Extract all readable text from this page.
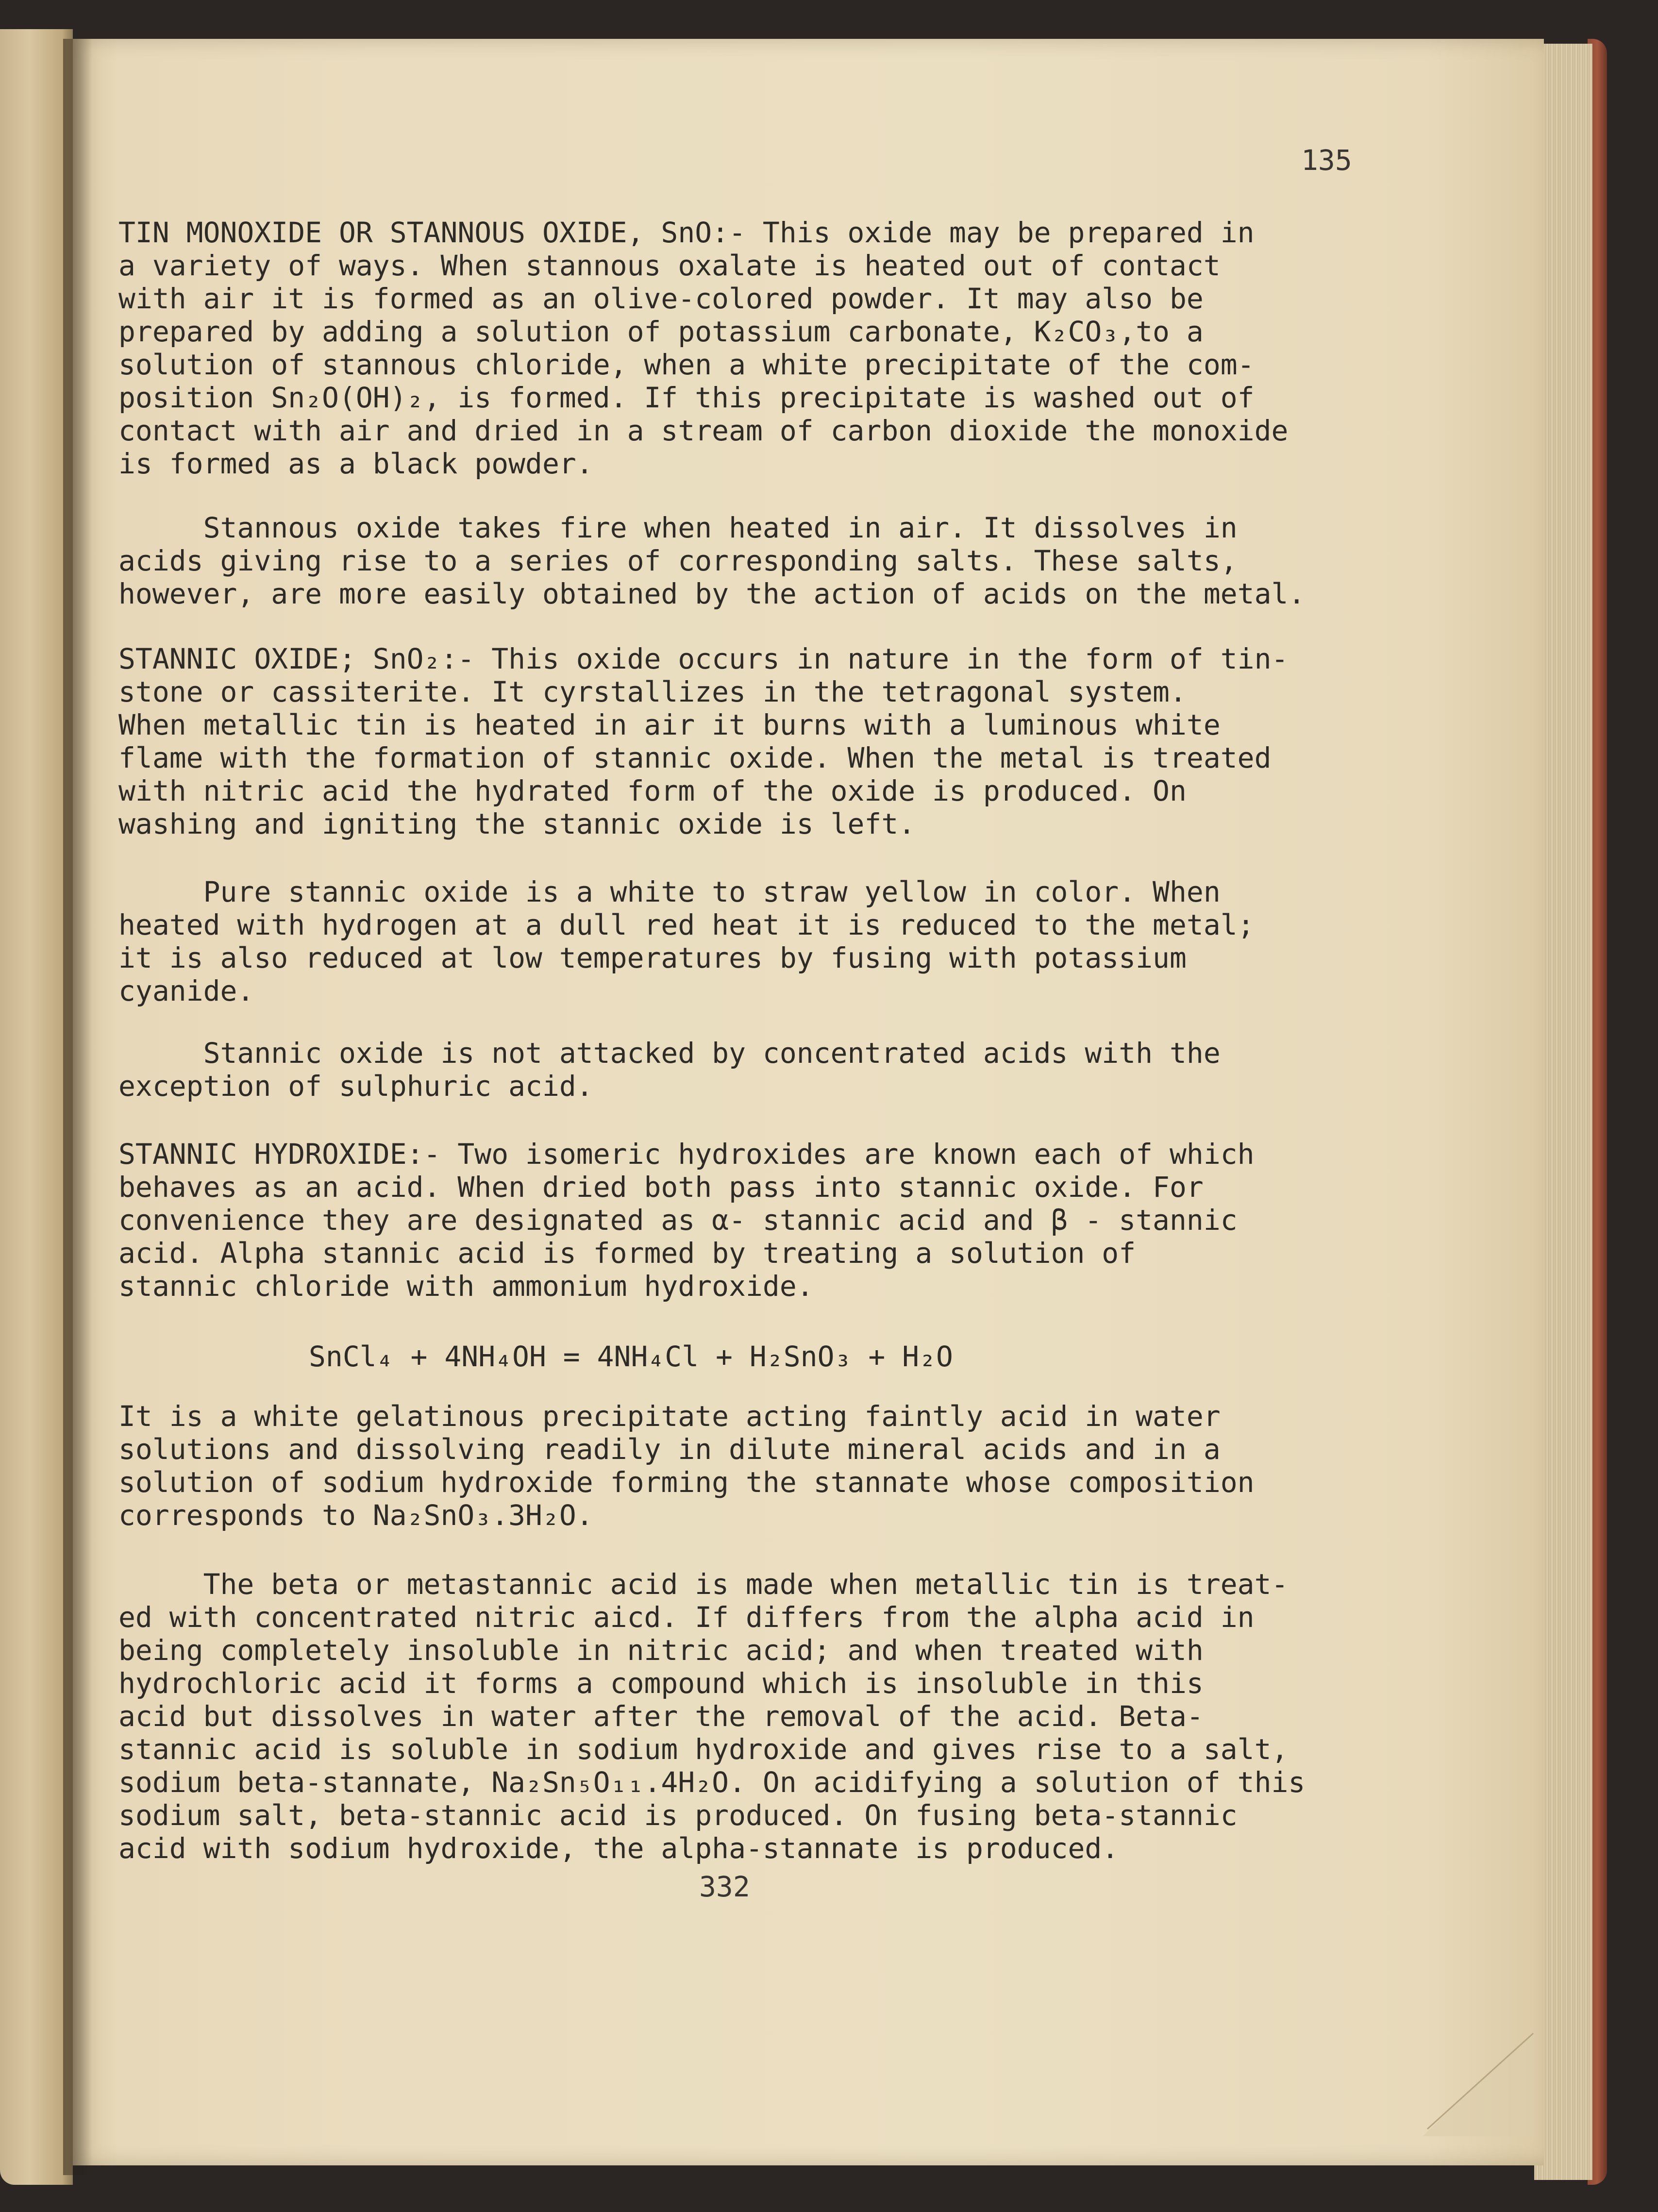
135
TIN MONOXIDE OR STANNOUS OXIDE, SnO:- This oxide may be prepared in
a variety of ways. When stannous oxalate is heated out of contact
with air it is formed as an olive-colored powder. It may also be
prepared by adding a solution of potassium carbonate, K₂CO₃,to a
solution of stannous chloride, when a white precipitate of the com-
position Sn₂O(OH)₂, is formed. If this precipitate is washed out of
contact with air and dried in a stream of carbon dioxide the monoxide
is formed as a black powder.
Stannous oxide takes fire when heated in air. It dissolves in
acids giving rise to a series of corresponding salts. These salts,
however, are more easily obtained by the action of acids on the metal.
STANNIC OXIDE; SnO₂:- This oxide occurs in nature in the form of tin-
stone or cassiterite. It cyrstallizes in the tetragonal system.
When metallic tin is heated in air it burns with a luminous white
flame with the formation of stannic oxide. When the metal is treated
with nitric acid the hydrated form of the oxide is produced. On
washing and igniting the stannic oxide is left.
Pure stannic oxide is a white to straw yellow in color. When
heated with hydrogen at a dull red heat it is reduced to the metal;
it is also reduced at low temperatures by fusing with potassium
cyanide.
Stannic oxide is not attacked by concentrated acids with the
exception of sulphuric acid.
STANNIC HYDROXIDE:- Two isomeric hydroxides are known each of which
behaves as an acid. When dried both pass into stannic oxide. For
convenience they are designated as α- stannic acid and β - stannic
acid. Alpha stannic acid is formed by treating a solution of
stannic chloride with ammonium hydroxide.
It is a white gelatinous precipitate acting faintly acid in water
solutions and dissolving readily in dilute mineral acids and in a
solution of sodium hydroxide forming the stannate whose composition
corresponds to Na₂SnO₃.3H₂O.
The beta or metastannic acid is made when metallic tin is treat-
ed with concentrated nitric aicd. If differs from the alpha acid in
being completely insoluble in nitric acid; and when treated with
hydrochloric acid it forms a compound which is insoluble in this
acid but dissolves in water after the removal of the acid. Beta-
stannic acid is soluble in sodium hydroxide and gives rise to a salt,
sodium beta-stannate, Na₂Sn₅O₁₁.4H₂O. On acidifying a solution of this
sodium salt, beta-stannic acid is produced. On fusing beta-stannic
acid with sodium hydroxide, the alpha-stannate is produced.
SnCl₄ + 4NH₄OH = 4NH₄Cl + H₂SnO₃ + H₂O
332
